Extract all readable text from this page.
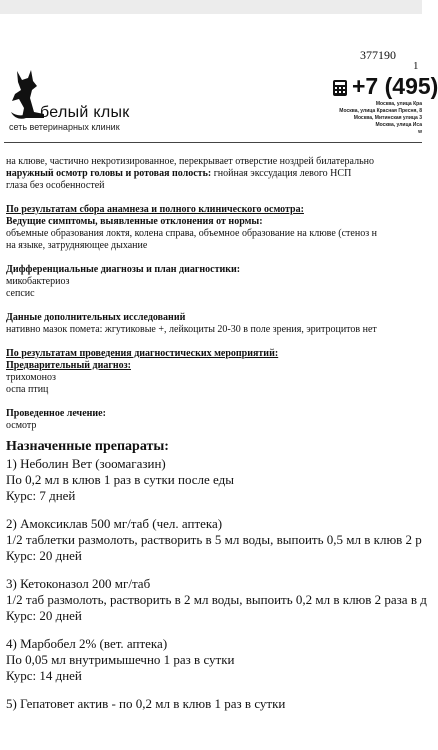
377190
1
белый клык
сеть ветеринарных клиник
+7 (495)
Москва, улица Кра
Москва, улица Красная Пресня, 8
Москва, Митинская улица 3
Москва, улица Иса
w
на клюве, частично некротизированное, перекрывает отверстие ноздрей билатерально
наружный осмотр головы и ротовая полость: гнойная экссудация левого НСП
глаза без особенностей
По результатам сбора анамнеза и полного клинического осмотра:
Ведущие симптомы, выявленные отклонения от нормы:
объемные образования локтя, колена справа, объемное образование на клюве (стеноз н
на языке, затрудняющее дыхание
Дифференциальные диагнозы и план диагностики:
микобактериоз
сепсис
Данные дополнительных исследований
нативно мазок помета: жгутиковые +, лейкоциты 20-30 в поле зрения, эритроцитов нет
По результатам проведения диагностических мероприятий:
Предварительный диагноз:
трихомоноз
оспа птиц
Проведенное лечение:
осмотр
Назначенные препараты:
1) Неболин Вет (зоомагазин)
По 0,2 мл в клюв 1 раз в сутки после еды
Курс: 7 дней
2) Амоксиклав 500 мг/таб (чел. аптека)
1/2 таблетки размолоть, растворить в 5 мл воды, выпоить 0,5 мл в клюв 2 р
Курс: 20 дней
3) Кетоконазол 200 мг/таб
1/2 таб размолоть, растворить в 2 мл воды, выпоить 0,2 мл в клюв 2 раза в д
Курс: 20 дней
4) Марбобел 2% (вет. аптека)
По 0,05 мл внутримышечно 1 раз в сутки
Курс: 14 дней
5) Гепатовет актив - по 0,2 мл в клюв 1 раз в сутки
